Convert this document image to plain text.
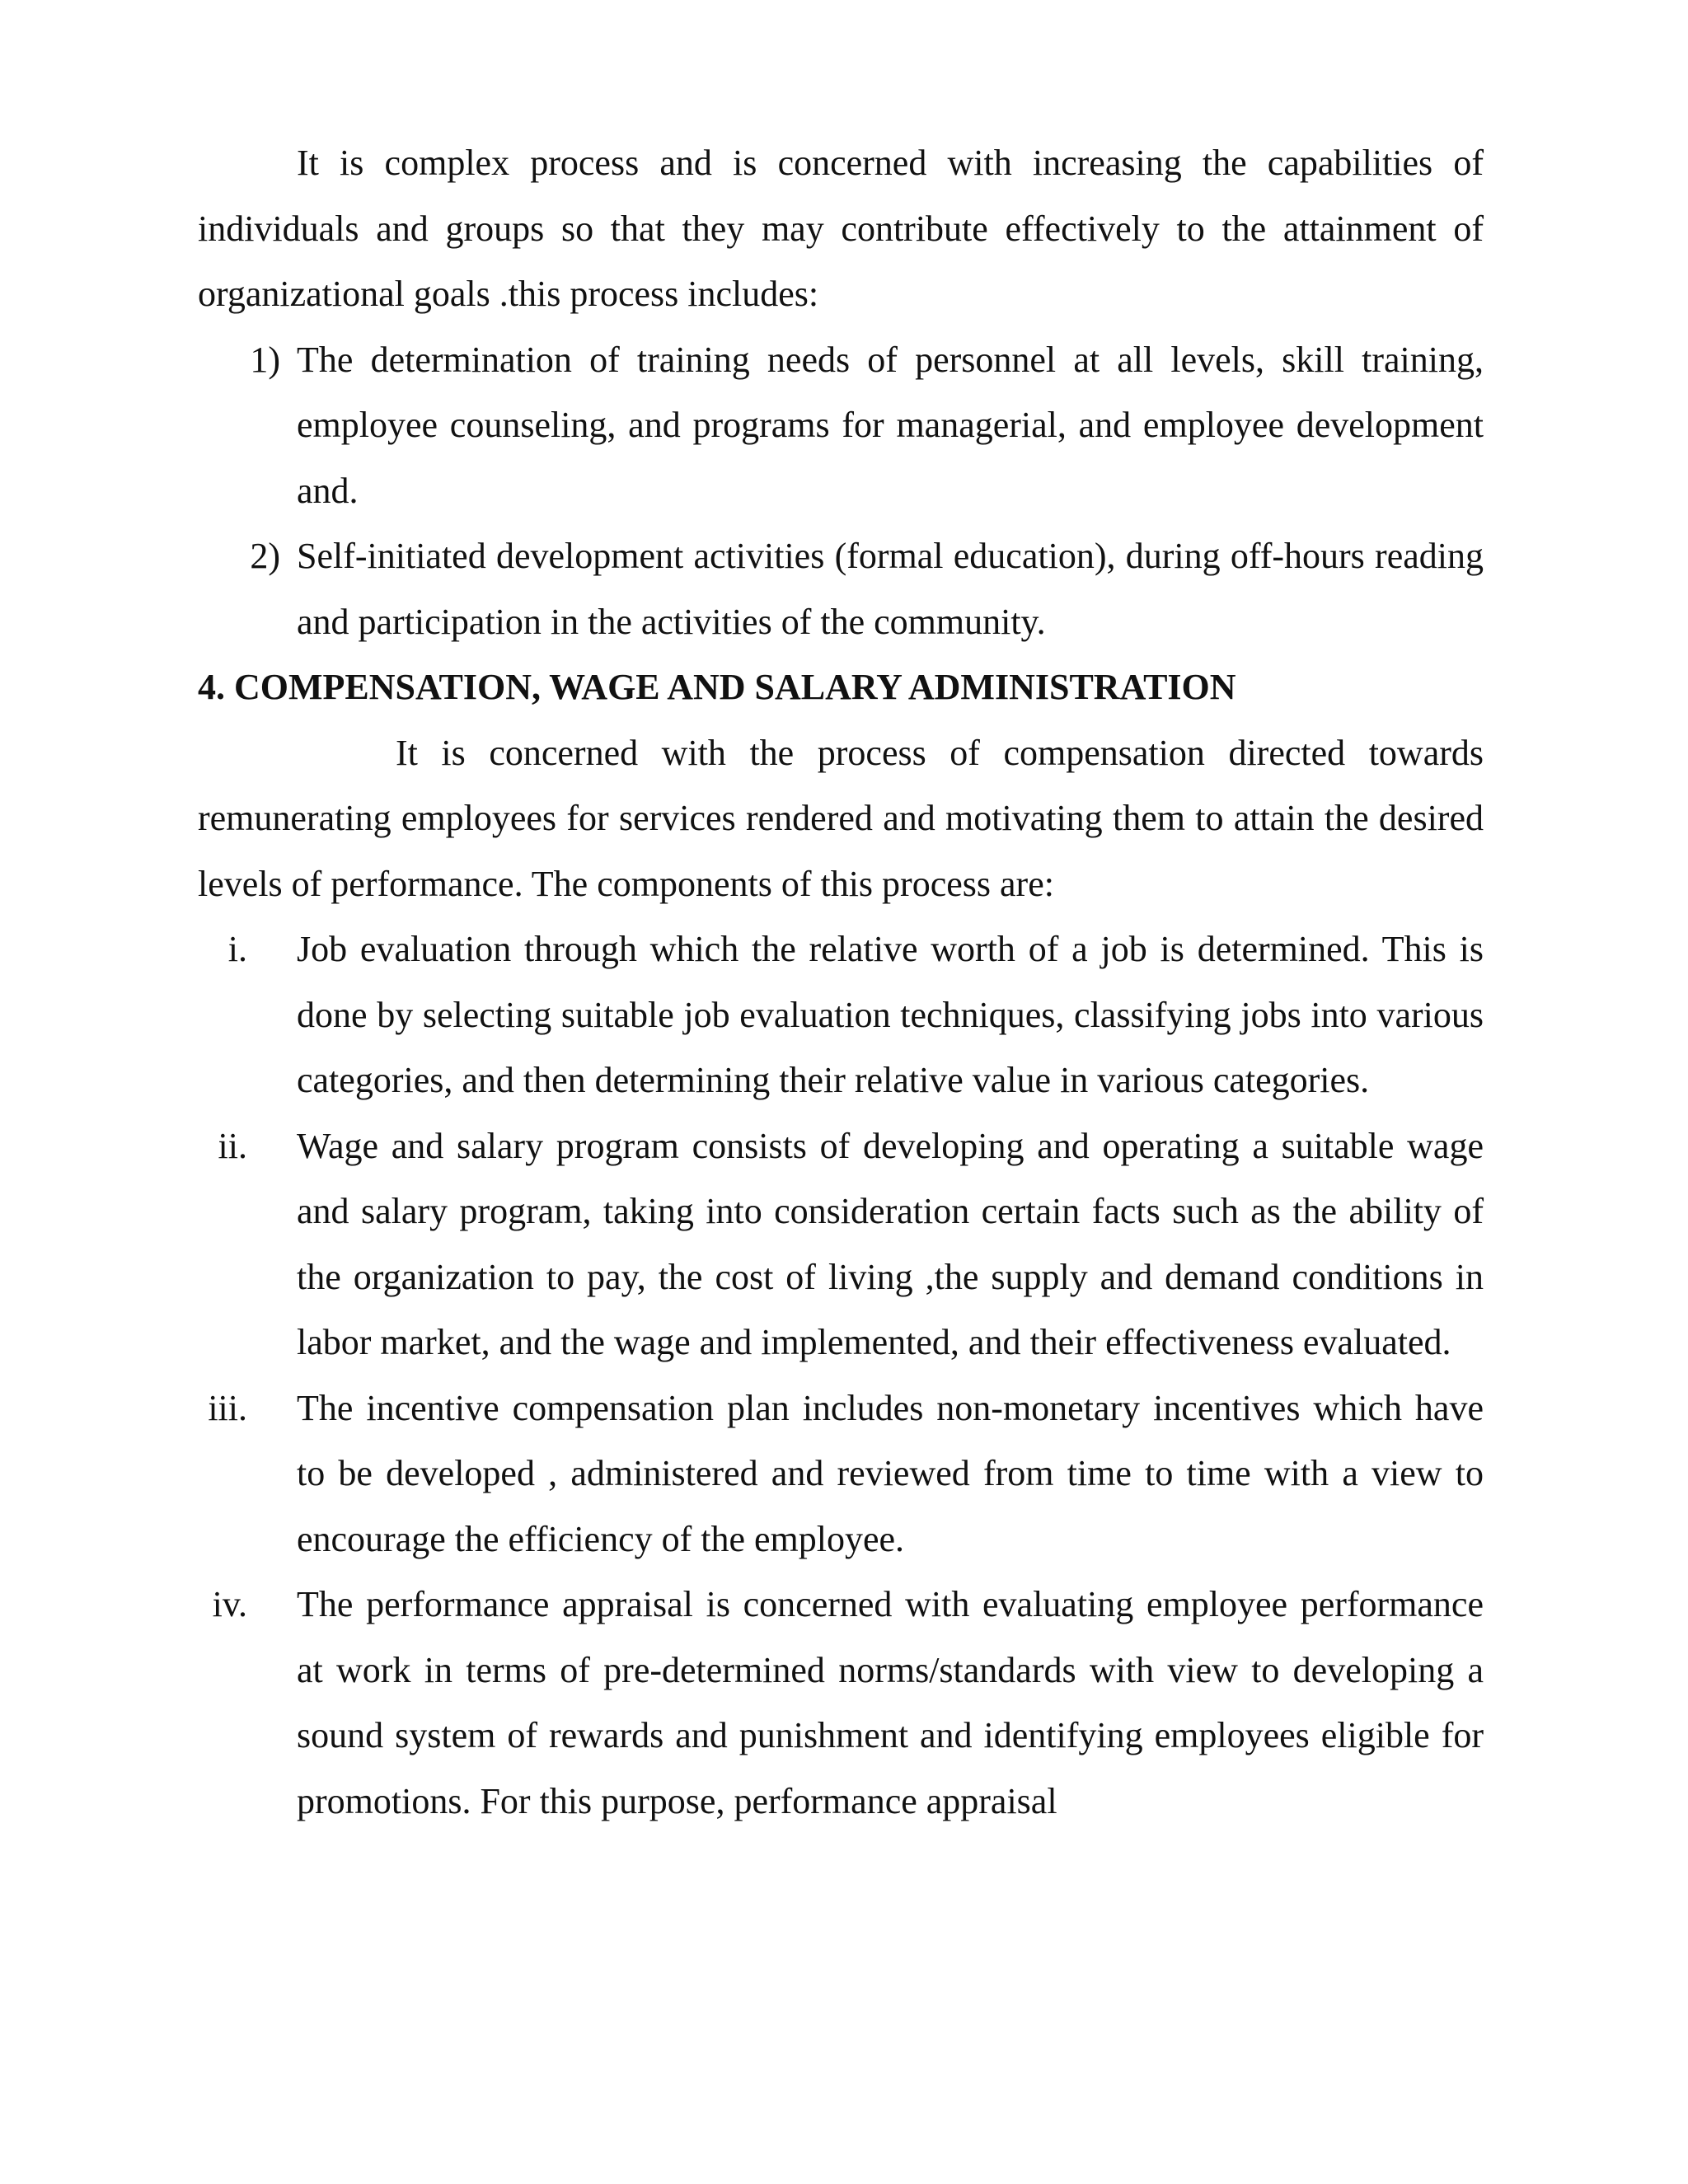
It is complex process and is concerned with increasing the capabilities of individuals and groups so that they may contribute effectively to the attainment of organizational goals .this process includes:

1) The determination of training needs of personnel at all levels, skill training, employee counseling, and programs for managerial, and employee development and.
2) Self-initiated development activities (formal education), during off-hours reading and participation in the activities of the community.

4. COMPENSATION, WAGE AND SALARY ADMINISTRATION

It is concerned with the process of compensation directed towards remunerating employees for services rendered and motivating them to attain the desired levels of performance. The components of this process are:

i. Job evaluation through which the relative worth of a job is determined. This is done by selecting suitable job evaluation techniques, classifying jobs into various categories, and then determining their relative value in various categories.
ii. Wage and salary program consists of developing and operating a suitable wage and salary program, taking into consideration certain facts such as the ability of the organization to pay, the cost of living ,the supply and demand conditions in labor market, and the wage and implemented, and their effectiveness evaluated.
iii. The incentive compensation plan includes non-monetary incentives which have to be developed , administered and reviewed from time to time with a view to encourage the efficiency of the employee.
iv. The performance appraisal is concerned with evaluating employee performance at work in terms of pre-determined norms/standards with view to developing a sound system of rewards and punishment and identifying employees eligible for promotions. For this purpose, performance appraisal
